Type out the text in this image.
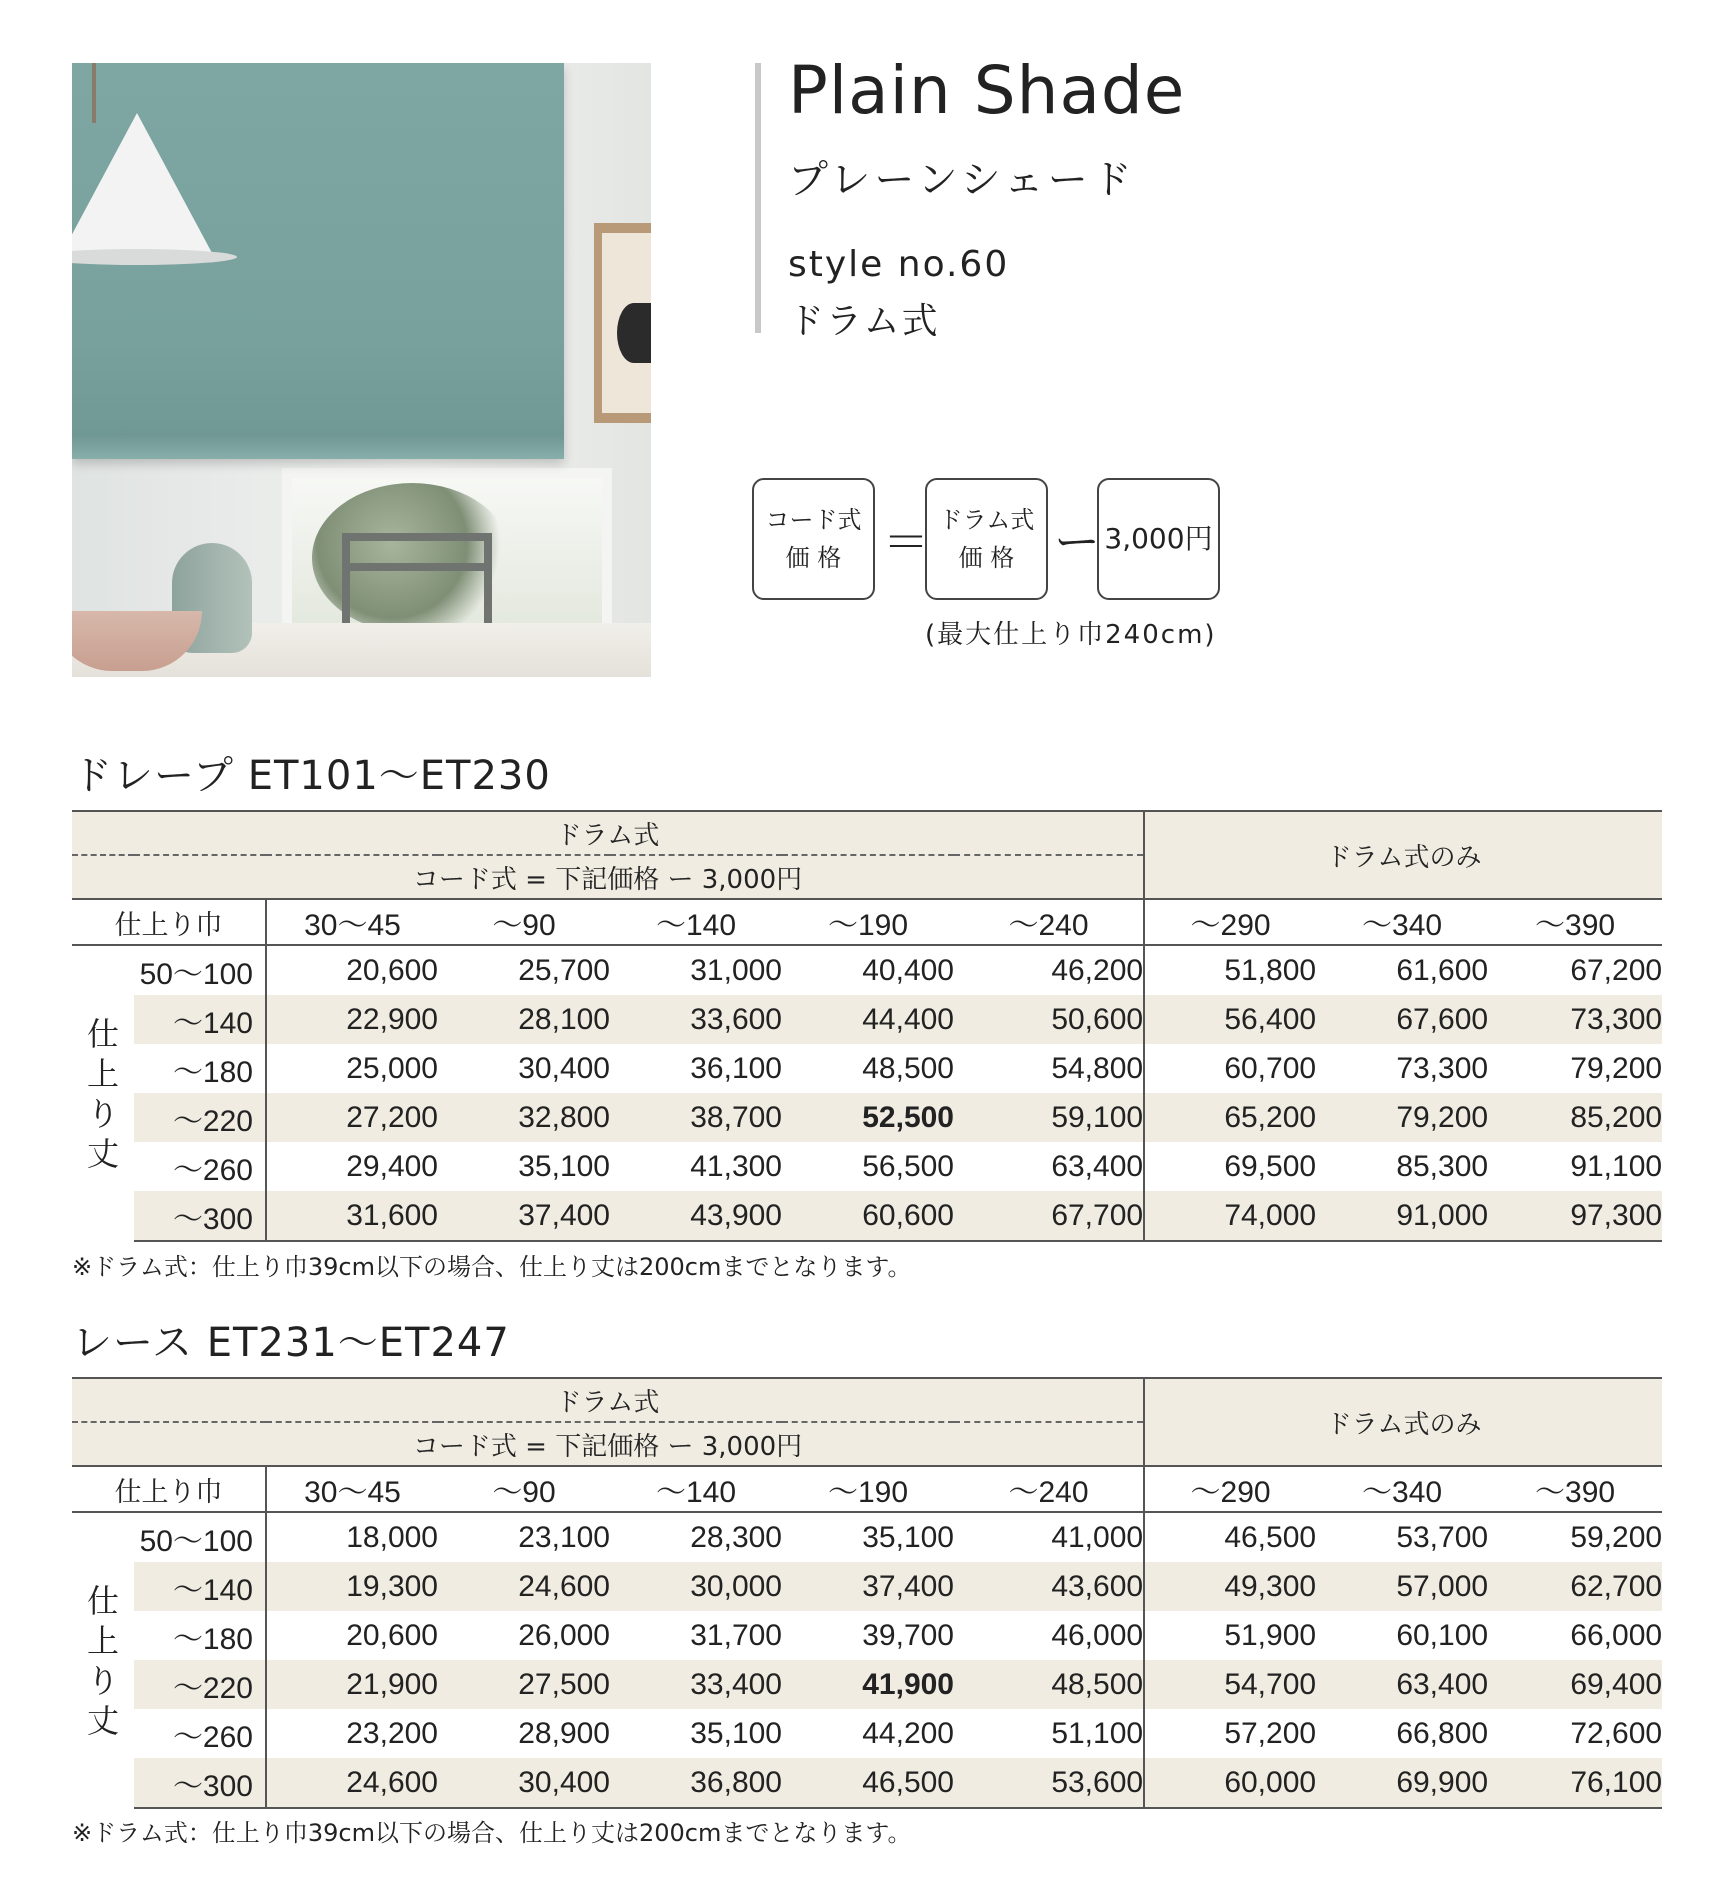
Plain Shade
プレーンシェード
style no.60
ドラム式
コード式
価 格 ＝ ドラム式
価 格 ー 3,000円
(最大仕上り巾240cm)
ドレープ ET101〜ET230
ドラム式							ドラム式のみ		
コード式 = 下記価格 ー 3,000円									
仕上り巾		30〜45	〜90	〜140	〜190	〜240	〜290	〜340	〜390
仕
上
り
丈	50〜100	20,600	25,700	31,000	40,400	46,200	51,800	61,600	67,200
	〜140	22,900	28,100	33,600	44,400	50,600	56,400	67,600	73,300
	〜180	25,000	30,400	36,100	48,500	54,800	60,700	73,300	79,200
	〜220	27,200	32,800	38,700	52,500	59,100	65,200	79,200	85,200
	〜260	29,400	35,100	41,300	56,500	63,400	69,500	85,300	91,100
	〜300	31,600	37,400	43,900	60,600	67,700	74,000	91,000	97,300
※ドラム式：仕上り巾39cm以下の場合、仕上り丈は200cmまでとなります。
レース ET231〜ET247
ドラム式							ドラム式のみ		
コード式 = 下記価格 ー 3,000円									
仕上り巾		30〜45	〜90	〜140	〜190	〜240	〜290	〜340	〜390
仕
上
り
丈	50〜100	18,000	23,100	28,300	35,100	41,000	46,500	53,700	59,200
	〜140	19,300	24,600	30,000	37,400	43,600	49,300	57,000	62,700
	〜180	20,600	26,000	31,700	39,700	46,000	51,900	60,100	66,000
	〜220	21,900	27,500	33,400	41,900	48,500	54,700	63,400	69,400
	〜260	23,200	28,900	35,100	44,200	51,100	57,200	66,800	72,600
	〜300	24,600	30,400	36,800	46,500	53,600	60,000	69,900	76,100
※ドラム式：仕上り巾39cm以下の場合、仕上り丈は200cmまでとなります。
